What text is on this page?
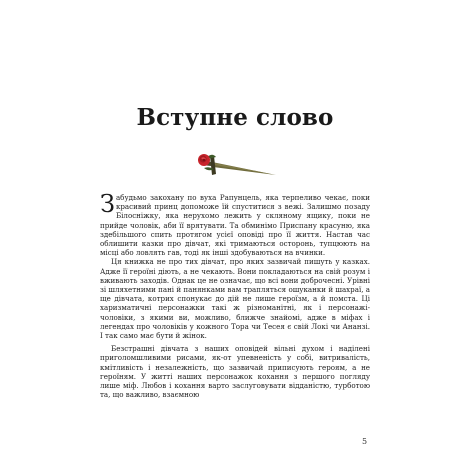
Вступне слово

Забудьмо закохану по вуха Рапунцель, яка терпеливо чекає, поки красивий принц допоможе їй спуститися з вежі. Залишмо позаду Білосніжку, яка нерухомо лежить у скляному ящику, поки не прийде чоловік, аби її врятувати. Та обминімо Приспану красуню, яка здебільшого спить протягом усієї оповіді про її життя. Настав час облишити казки про дівчат, які тримаються осторонь, тупцюють на місці або ловлять гав, тоді як інші здобуваються на вчинки.

Ця книжка не про тих дівчат, про яких зазвичай пишуть у казках. Адже її героїні діють, а не чекають. Вони покладаються на свій розум і вживають заходів. Однак це не означає, що всі вони доброчесні. Урівні зі шляхетними пані й панянками вам трапляться ошуканки й шахраї, а ще дівчата, котрих спонукає до дій не лише героїзм, а й помста. Ці харизматичні персонажки такі ж різноманітні, як і персонажі-чоловіки, з якими ви, можливо, ближче знайомі, адже в міфах і легендах про чоловіків у кожного Тора чи Тесея є свій Локі чи Ананзі. І так само має бути й жінок.

Безстрашні дівчата з наших оповідей вільні духом і наділені приголомшливими рисами, як-от упевненість у собі, витривалість, кмітливість і незалежність, що зазвичай приписують героям, а не героїням. У житті наших персонажок кохання з першого погляду лише міф. Любов і кохання варто заслуговувати відданістю, турботою та, що важливо, взаємною

5
